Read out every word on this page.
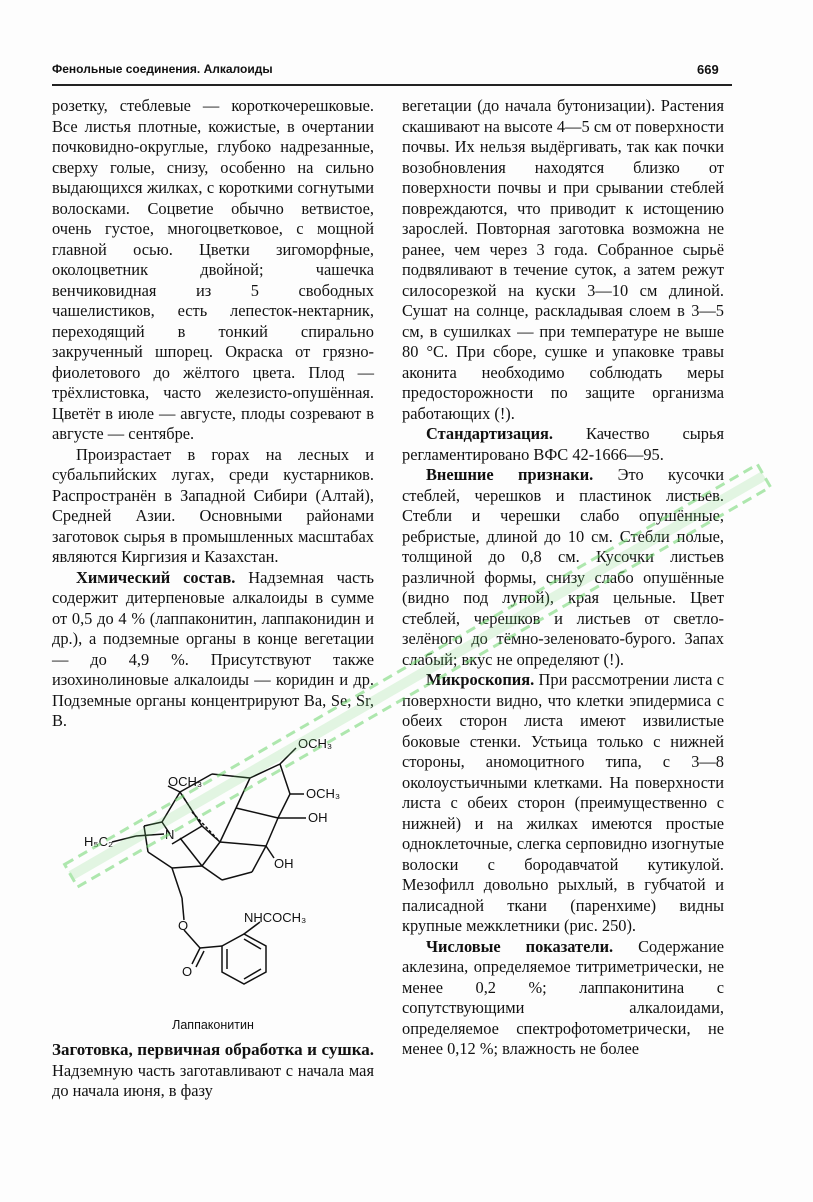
Фенольные соединения. Алкалоиды	669

розетку, стеблевые — короткочерешковые. Все листья плотные, кожистые, в очертании почковидно-округлые, глубоко надрезанные, сверху голые, снизу, особенно на сильно выдающихся жилках, с короткими согнутыми волосками. Соцветие обычно ветвистое, очень густое, многоцветковое, с мощной главной осью. Цветки зигоморфные, околоцветник двойной; чашечка венчиковидная из 5 свободных чашелистиков, есть лепесток-нектарник, переходящий в тонкий спирально закрученный шпорец. Окраска от грязно-фиолетового до жёлтого цвета. Плод — трёхлистовка, часто железисто-опушённая. Цветёт в июле — августе, плоды созревают в августе — сентябре.

Произрастает в горах на лесных и субальпийских лугах, среди кустарников. Распространён в Западной Сибири (Алтай), Средней Азии. Основными районами заготовок сырья в промышленных масштабах являются Киргизия и Казахстан.

Химический состав. Надземная часть содержит дитерпеновые алкалоиды в сумме от 0,5 до 4 % (лаппаконитин, лаппаконидин и др.), а подземные органы в конце вегетации — до 4,9 %. Присутствуют также изохинолиновые алкалоиды — коридин и др. Подземные органы концентрируют Ba, Se, Sr, B.

OCH₃
OCH₃
OCH₃
OH
OH
H₅C₂	N
O
O
NHCOCH₃
Лаппаконитин

Заготовка, первичная обработка и сушка. Надземную часть заготавливают с начала мая до начала июня, в фазу

вегетации (до начала бутонизации). Растения скашивают на высоте 4—5 см от поверхности почвы. Их нельзя выдёргивать, так как почки возобновления находятся близко от поверхности почвы и при срывании стеблей повреждаются, что приводит к истощению зарослей. Повторная заготовка возможна не ранее, чем через 3 года. Собранное сырьё подвяливают в течение суток, а затем режут силосорезкой на куски 3—10 см длиной. Сушат на солнце, раскладывая слоем в 3—5 см, в сушилках — при температуре не выше 80 °C. При сборе, сушке и упаковке травы аконита необходимо соблюдать меры предосторожности по защите организма работающих (!).

Стандартизация. Качество сырья регламентировано ВФС 42-1666—95.

Внешние признаки. Это кусочки стеблей, черешков и пластинок листьев. Стебли и черешки слабо опушённые, ребристые, длиной до 10 см. Стебли полые, толщиной до 0,8 см. Кусочки листьев различной формы, снизу слабо опушённые (видно под лупой), края цельные. Цвет стеблей, черешков и листьев от светло-зелёного до тёмно-зеленовато-бурого. Запах слабый; вкус не определяют (!).

Микроскопия. При рассмотрении листа с поверхности видно, что клетки эпидермиса с обеих сторон листа имеют извилистые боковые стенки. Устьица только с нижней стороны, аномоцитного типа, с 3—8 околоустьичными клетками. На поверхности листа с обеих сторон (преимущественно с нижней) и на жилках имеются простые одноклеточные, слегка серповидно изогнутые волоски с бородавчатой кутикулой. Мезофилл довольно рыхлый, в губчатой и палисадной ткани (паренхиме) видны крупные межклетники (рис. 250).

Числовые показатели. Содержание аклезина, определяемое титриметрически, не менее 0,2 %; лаппаконитина с сопутствующими алкалоидами, определяемое спектрофотометрически, не менее 0,12 %; влажность не более
